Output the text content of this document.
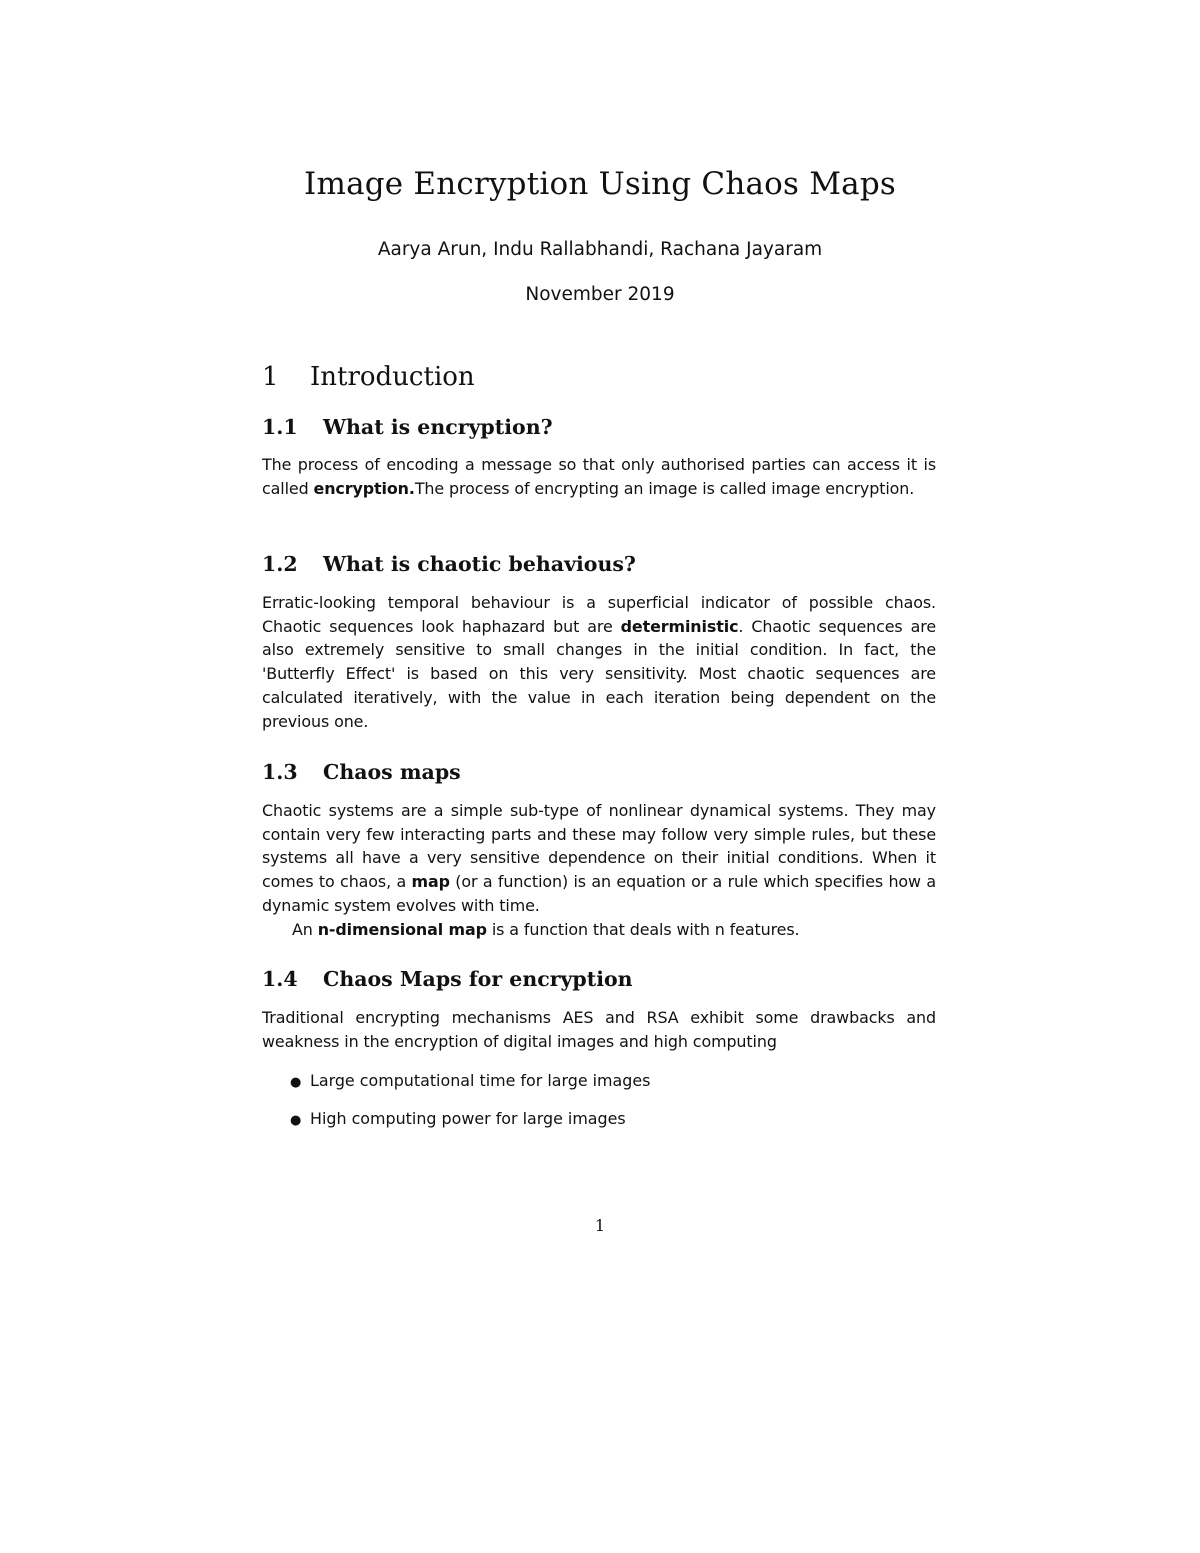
Image Encryption Using Chaos Maps
Aarya Arun, Indu Rallabhandi, Rachana Jayaram
November 2019
1 Introduction
1.1 What is encryption?

The process of encoding a message so that only authorised parties can access it is called encryption.The process of encrypting an image is called image encryption.

1.2 What is chaotic behavious?

Erratic-looking temporal behaviour is a superficial indicator of possible chaos. Chaotic sequences look haphazard but are deterministic. Chaotic sequences are also extremely sensitive to small changes in the initial condition. In fact, the 'Butterfly Effect' is based on this very sensitivity. Most chaotic sequences are calculated iteratively, with the value in each iteration being dependent on the previous one.

1.3 Chaos maps

Chaotic systems are a simple sub-type of nonlinear dynamical systems. They may contain very few interacting parts and these may follow very simple rules, but these systems all have a very sensitive dependence on their initial conditions. When it comes to chaos, a map (or a function) is an equation or a rule which specifies how a dynamic system evolves with time.
An n-dimensional map is a function that deals with n features.

1.4 Chaos Maps for encryption

Traditional encrypting mechanisms AES and RSA exhibit some drawbacks and weakness in the encryption of digital images and high computing

● Large computational time for large images
● High computing power for large images
1
